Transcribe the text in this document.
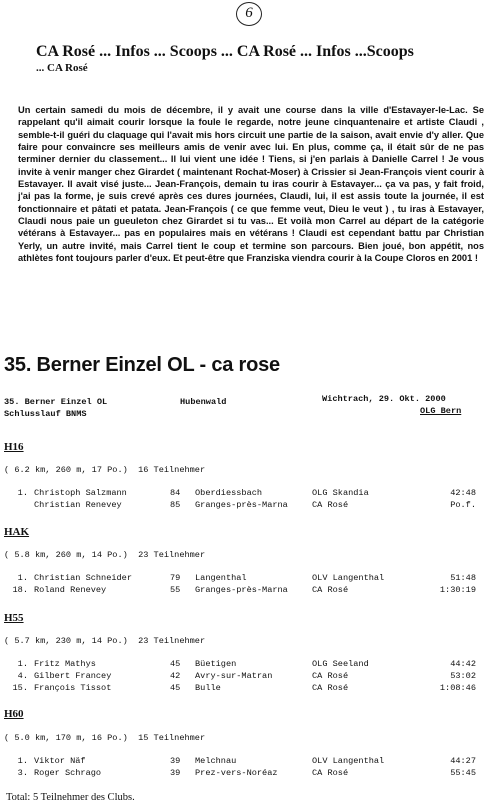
6
CA Rosé ... Infos ... Scoops ... CA Rosé ... Infos ...Scoops
... CA Rosé

Un certain samedi du mois de décembre, il y avait une course dans la ville d'Estavayer-le-Lac. Se rappelant qu'il aimait courir lorsque la foule le regarde, notre jeune cinquantenaire et artiste Claudi , semble-t-il guéri du claquage qui l'avait mis hors circuit une partie de la saison, avait envie d'y aller. Que faire pour convaincre ses meilleurs amis de venir avec lui. En plus, comme ça, il était sûr de ne pas terminer dernier du classement... Il lui vient une idée ! Tiens, si j'en parlais à Danielle Carrel ! Je vous invite à venir manger chez Girardet ( maintenant Rochat-Moser) à Crissier si Jean-François vient courir à Estavayer. Il avait visé juste... Jean-François, demain tu iras courir à Estavayer... ça va pas, y fait froid, j'ai pas la forme, je suis crevé après ces dures journées, Claudi, lui, il est assis toute la journée, il est fonctionnaire et pâtati et patata. Jean-François ( ce que femme veut, Dieu le veut ) , tu iras à Estavayer, Claudi nous paie un gueuleton chez Girardet si tu vas... Et voilà mon Carrel au départ de la catégorie vétérans à Estavayer... pas en populaires mais en vétérans ! Claudi est cependant battu par Christian Yerly, un autre invité, mais Carrel tient le coup et termine son parcours. Bien joué, bon appétit, nos athlètes font toujours parler d'eux. Et peut-être que Franziska viendra courir à la Coupe Cloros en 2001 !

35. Berner Einzel OL - ca rose
35. Berner Einzel OL	Hubenwald	Wichtrach, 29. Okt. 2000
Schlusslauf BNMS	OLG Bern
H16
( 6.2 km, 260 m, 17 Po.)  16 Teilnehmer
1. Christoph Salzmann	84 Oberdiessbach	OLG Skandia	42:48
Christian Renevey	85 Granges-près-Marna	CA Rosé	Po.f.
HAK
( 5.8 km, 260 m, 14 Po.)  23 Teilnehmer
1. Christian Schneider	79 Langenthal	OLV Langenthal	51:48
18. Roland Renevey	55 Granges-près-Marna	CA Rosé	1:30:19
H55
( 5.7 km, 230 m, 14 Po.)  23 Teilnehmer
1. Fritz Mathys	45 Büetigen	OLG Seeland	44:42
4. Gilbert Francey	42 Avry-sur-Matran	CA Rosé	53:02
15. François Tissot	45 Bulle	CA Rosé	1:08:46
H60
( 5.0 km, 170 m, 16 Po.)  15 Teilnehmer
1. Viktor Näf	39 Melchnau	OLV Langenthal	44:27
3. Roger Schrago	39 Prez-vers-Noréaz	CA Rosé	55:45
Total: 5 Teilnehmer des Clubs.
